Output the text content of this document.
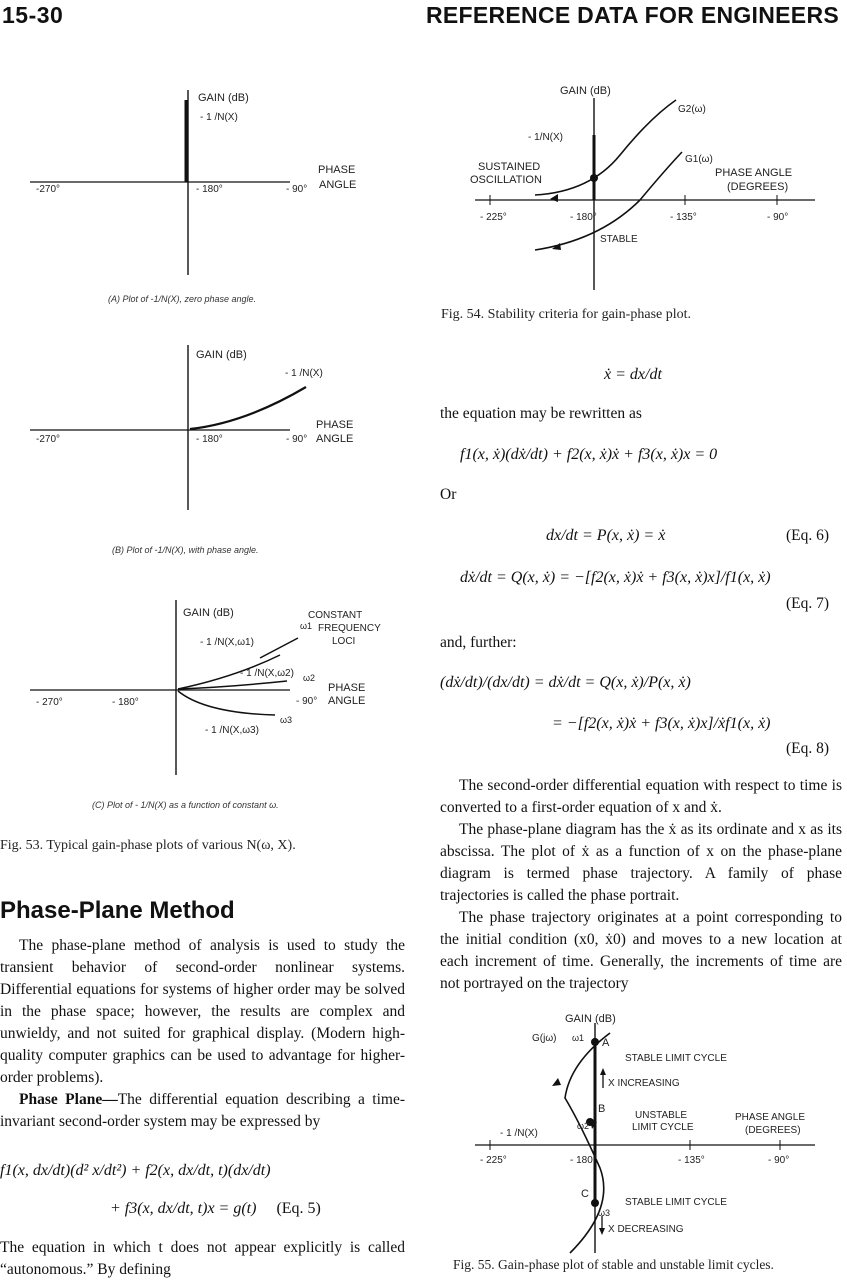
15-30	REFERENCE DATA FOR ENGINEERS
GAIN (dB)
- 1 /N(X)
PHASE
ANGLE
-270°	- 180°	- 90°
(A) Plot of -1/N(X), zero phase angle.
GAIN (dB)
- 1 /N(X)
PHASE
ANGLE
-270°	- 180°	- 90°
(B) Plot of -1/N(X), with phase angle.
GAIN (dB)	CONSTANT
ω1 FREQUENCY
LOCI
- 1 /N(X,ω1)
- 1 /N(X,ω2) ω2
PHASE
ANGLE
- 90°
- 270°	- 180°
ω3
- 1 /N(X,ω3)
(C) Plot of - 1/N(X) as a function of constant ω.
Fig. 53. Typical gain-phase plots of various N(ω, X).
Phase-Plane Method

The phase-plane method of analysis is used to study the transient behavior of second-order nonlinear systems. Differential equations for systems of higher order may be solved in the phase space; however, the results are complex and unwieldy, and not suited for graphical display. (Modern high-quality computer graphics can be used to advantage for higher-order problems).

Phase Plane—The differential equation describing a time-invariant second-order system may be expressed by

f1(x, dx/dt)(d² x/dt²) + f2(x, dx/dt, t)(dx/dt)
+ f3(x, dx/dt, t)x = g(t) (Eq. 5)

The equation in which t does not appear explicitly is called “autonomous.” By defining

GAIN (dB)
G2(ω)
- 1/N(X)
G1(ω)
SUSTAINED
OSCILLATION
PHASE ANGLE
(DEGREES)
- 225°	- 180°	- 135°	- 90°
STABLE
Fig. 54. Stability criteria for gain-phase plot.
ẋ = dx/dt
the equation may be rewritten as
f1(x, ẋ)(dẋ/dt) + f2(x, ẋ)ẋ + f3(x, ẋ)x = 0
Or
dx/dt = P(x, ẋ) = ẋ	(Eq. 6)
dẋ/dt = Q(x, ẋ) = −[f2(x, ẋ)ẋ + f3(x, ẋ)x]/f1(x, ẋ)
(Eq. 7)
and, further:
(dẋ/dt)/(dx/dt) = dẋ/dt = Q(x, ẋ)/P(x, ẋ)
= −[f2(x, ẋ)ẋ + f3(x, ẋ)x]/ẋf1(x, ẋ)
(Eq. 8)

The second-order differential equation with respect to time is converted to a first-order equation of x and ẋ.

The phase-plane diagram has the ẋ as its ordinate and x as its abscissa. The plot of ẋ as a function of x on the phase-plane diagram is termed phase trajectory. A family of phase trajectories is called the phase portrait.

The phase trajectory originates at a point corresponding to the initial condition (x0, ẋ0) and moves to a new location at each increment of time. Generally, the increments of time are not portrayed on the trajectory

GAIN (dB)
G(jω) ω1 A
STABLE LIMIT CYCLE
X INCREASING
B
UNSTABLE	PHASE ANGLE
ω2	LIMIT CYCLE	(DEGREES)
- 1 /N(X)
- 225°	- 180°	- 135°	- 90°
C
STABLE LIMIT CYCLE
ω3
X DECREASING
Fig. 55. Gain-phase plot of stable and unstable limit cycles.
